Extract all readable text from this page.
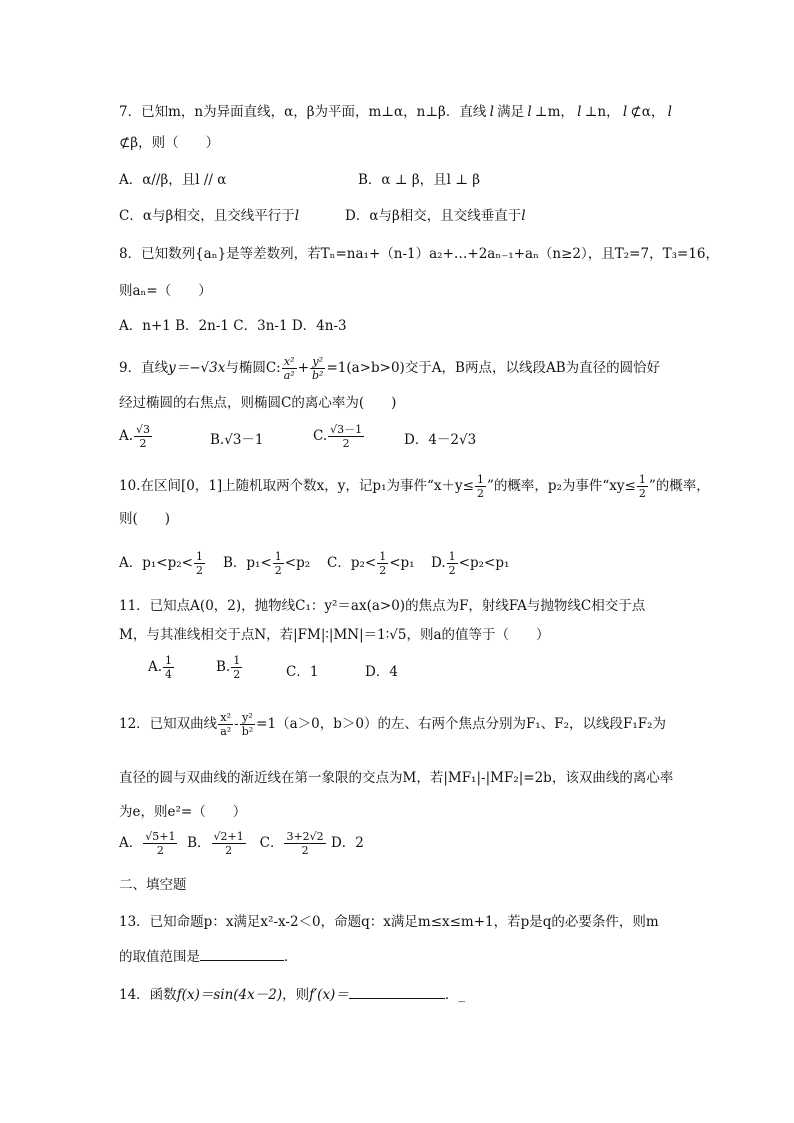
7．已知m，n为异面直线，α，β为平面，m⊥α，n⊥β．直线 l 满足 l ⊥m， l ⊥n， l ⊄α， l
⊄β，则（　　）
A．α//β，且l // α	B．α ⊥ β，且l ⊥ β
C．α与β相交，且交线平行于l	D．α与β相交，且交线垂直于l
8．已知数列{aₙ}是等差数列，若Tₙ=na₁+（n-1）a₂+…+2aₙ₋₁+aₙ（n≥2），且T₂=7，T₃=16，
则aₙ=（　　）
A．n+1 B．2n-1 C．3n-1 D．4n-3
9．直线y＝−√3x与椭圆C: $\frac{\text{x²}}{\text{a²}} + \frac{\text{y²}}{\text{b²}} =1(a>b>0)$交于A，B两点，以线段AB为直径的圆恰好
经过椭圆的右焦点，则椭圆C的离心率为(　　)
A. $\frac{√3}{2}$	B.√3－1	C. $\frac{√3-1}{2}$	D．4－2√3
10.在区间[0，1]上随机取两个数x，y，记p₁为事件“$x+y\le \frac{1}{2}$ ”的概率，p₂为事件“$xy\le \frac{1}{2}$ ”的概率，
则(　　)
A．$p_1<p_2< \frac{1}{2}$ B．$p_1< \frac{1}{2} <p_2$ C．$p_2< \frac{1}{2} <p_1$ D. $\frac{1}{2} <p_2<p_1$
11．已知点A(0，2)，抛物线C₁：y²＝ax(a>0)的焦点为F，射线FA与抛物线C相交于点
M，与其准线相交于点N，若|FM|∶|MN|＝1∶√5，则a的值等于（　　）
A. $\frac{1}{4}$	B. $\frac{1}{2}$	C．1	D．4
12．已知双曲线 $\frac{\text{x²}}{\text{a²}} - \frac{\text{y²}}{\text{b²}} =1(a>0$，b＞0）的左、右两个焦点分别为F₁、F₂，以线段F₁F₂为
直径的圆与双曲线的渐近线在第一象限的交点为M，若|MF₁|-|MF₂|=2b，该双曲线的离心率
为e，则e²=（　　）
A． $\frac{√5+1}{2}$ B． $\frac{√2+1}{2}$ C． $\frac{3+2√2}{2}$ D．2
二、填空题
13．已知命题p：x满足x²-x-2＜0，命题q：x满足m≤x≤m+1，若p是q的必要条件，则m
的取值范围是	．
14．函数f(x)＝sin(4x－2)，则f′(x)＝	．_
